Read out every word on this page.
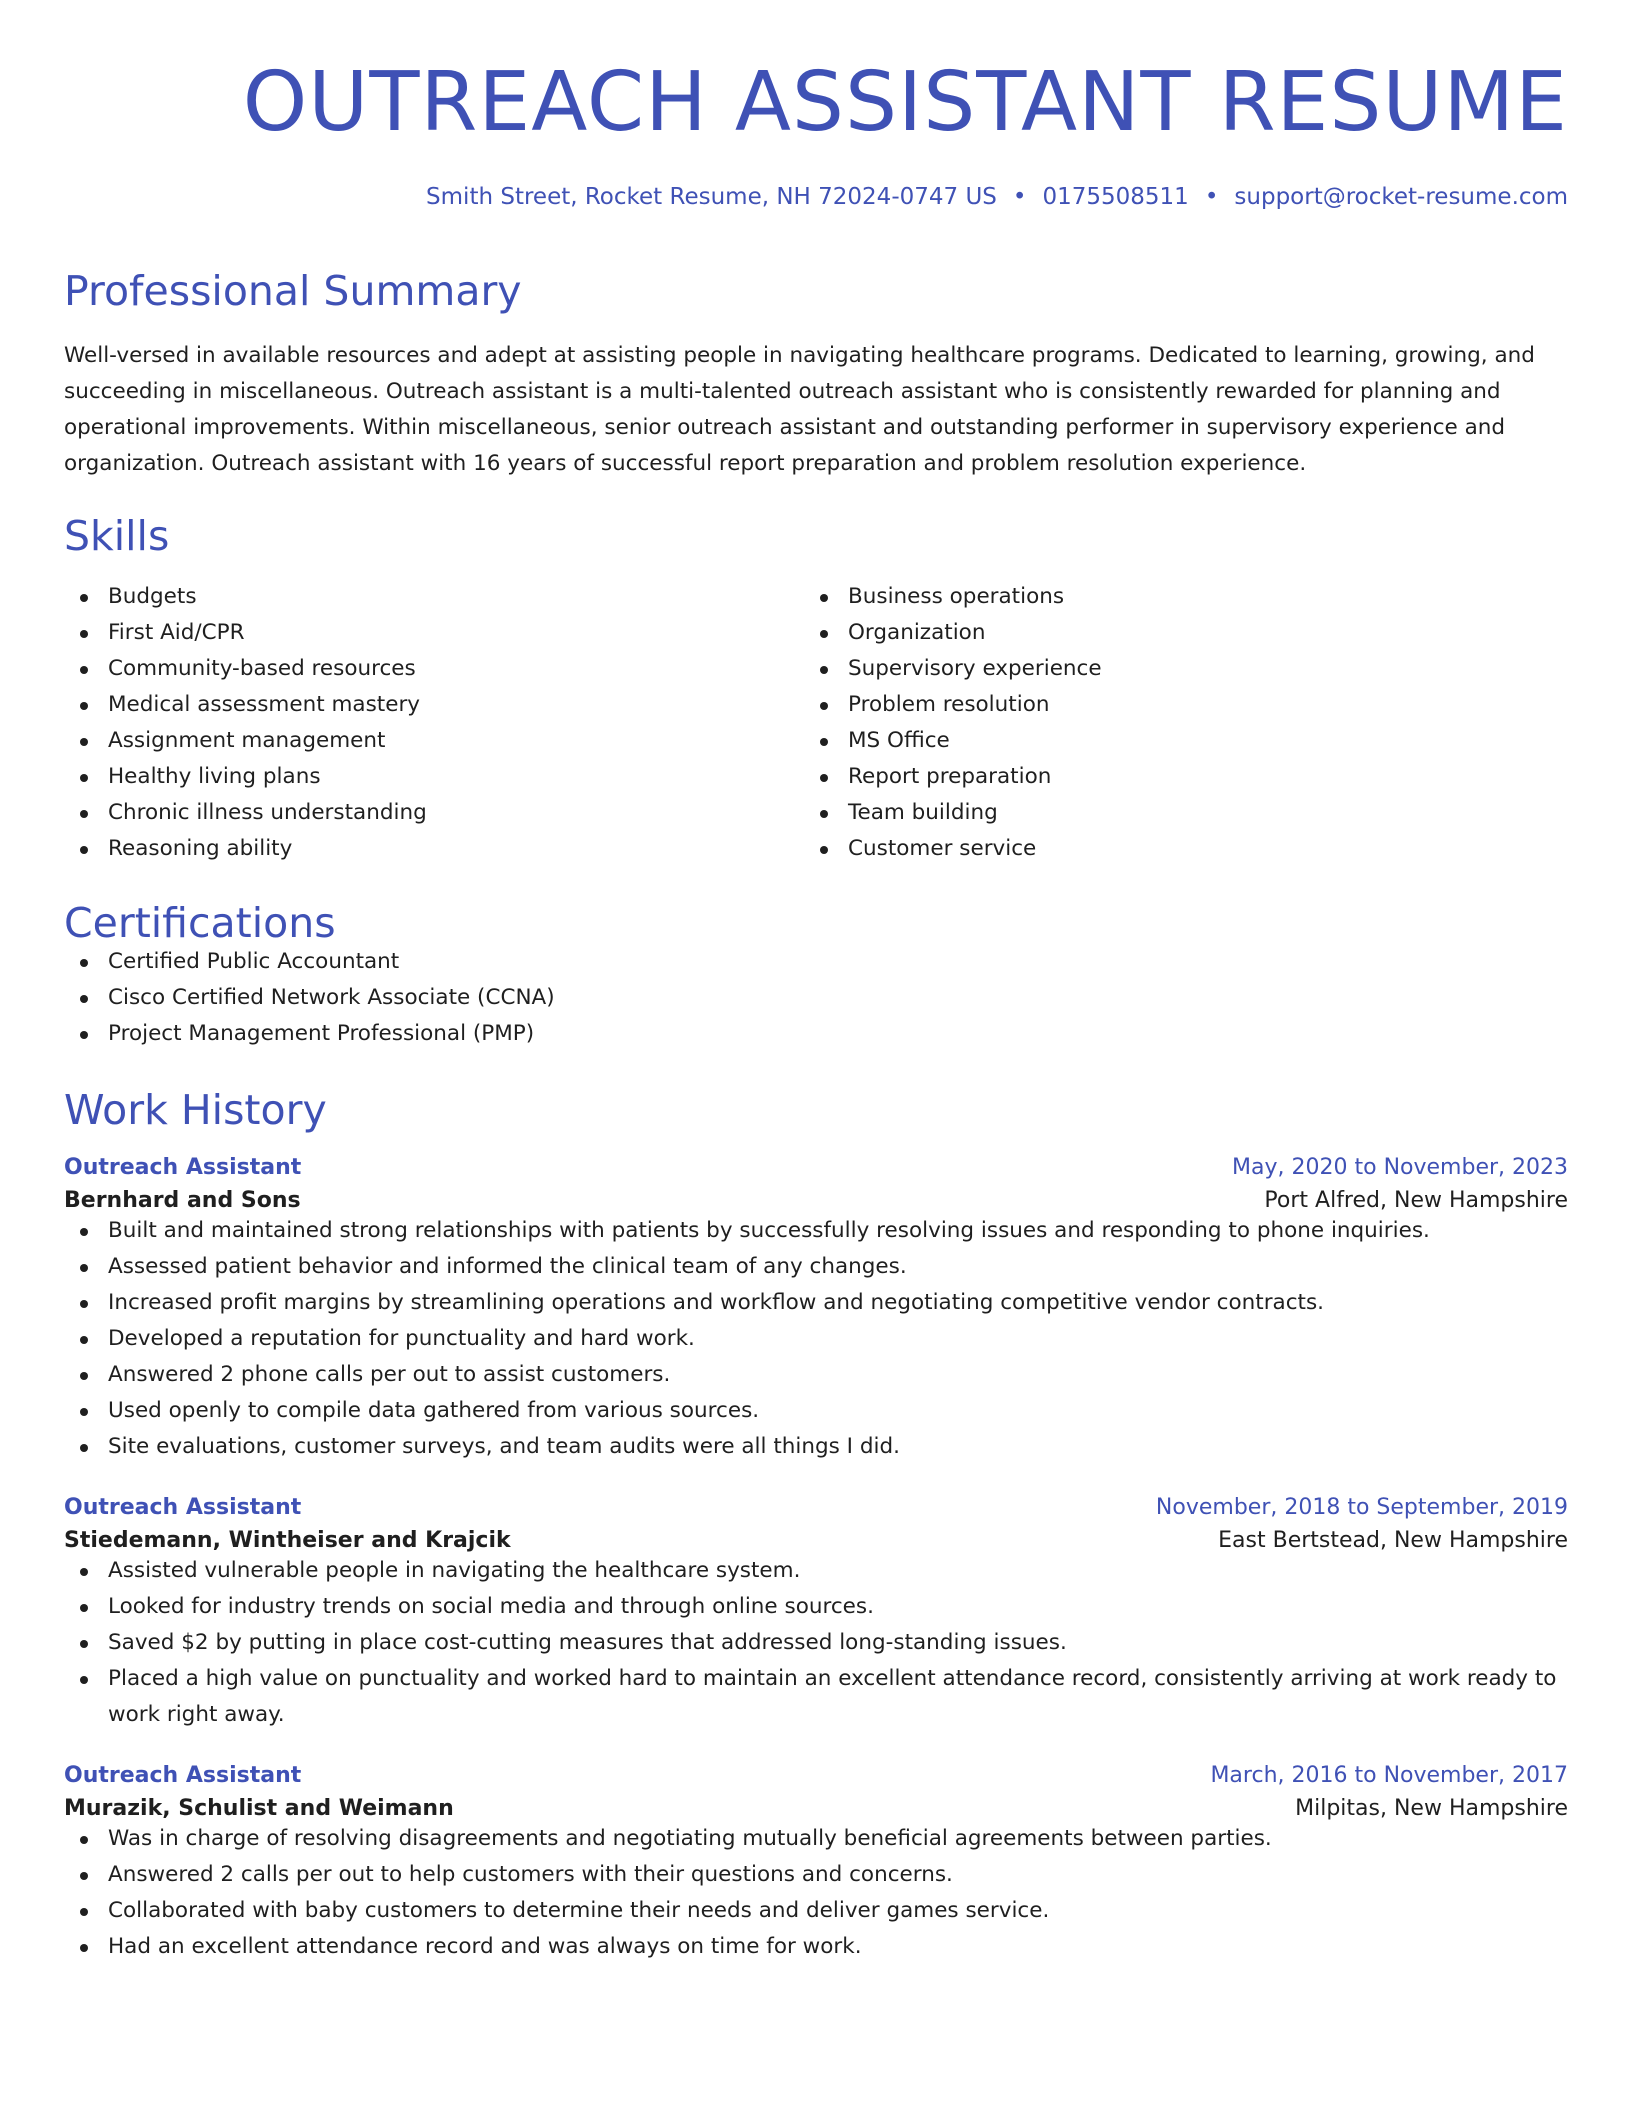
OUTREACH ASSISTANT RESUME
Smith Street, Rocket Resume, NH 72024-0747 US • 0175508511 • support@rocket-resume.com
Professional Summary

Well-versed in available resources and adept at assisting people in navigating healthcare programs. Dedicated to learning, growing, and succeeding in miscellaneous. Outreach assistant is a multi-talented outreach assistant who is consistently rewarded for planning and operational improvements. Within miscellaneous, senior outreach assistant and outstanding performer in supervisory experience and organization. Outreach assistant with 16 years of successful report preparation and problem resolution experience.

Skills
Budgets
First Aid/CPR
Community-based resources
Medical assessment mastery
Assignment management
Healthy living plans
Chronic illness understanding
Reasoning ability
Business operations
Organization
Supervisory experience
Problem resolution
MS Office
Report preparation
Team building
Customer service
Certifications
Certified Public Accountant
Cisco Certified Network Associate (CCNA)
Project Management Professional (PMP)
Work History
Outreach Assistant	May, 2020 to November, 2023
Bernhard and Sons	Port Alfred, New Hampshire
Built and maintained strong relationships with patients by successfully resolving issues and responding to phone inquiries.
Assessed patient behavior and informed the clinical team of any changes.
Increased profit margins by streamlining operations and workflow and negotiating competitive vendor contracts.
Developed a reputation for punctuality and hard work.
Answered 2 phone calls per out to assist customers.
Used openly to compile data gathered from various sources.
Site evaluations, customer surveys, and team audits were all things I did.
Outreach Assistant	November, 2018 to September, 2019
Stiedemann, Wintheiser and Krajcik	East Bertstead, New Hampshire
Assisted vulnerable people in navigating the healthcare system.
Looked for industry trends on social media and through online sources.
Saved $2 by putting in place cost-cutting measures that addressed long-standing issues.
Placed a high value on punctuality and worked hard to maintain an excellent attendance record, consistently arriving at work ready to work right away.
Outreach Assistant	March, 2016 to November, 2017
Murazik, Schulist and Weimann	Milpitas, New Hampshire
Was in charge of resolving disagreements and negotiating mutually beneficial agreements between parties.
Answered 2 calls per out to help customers with their questions and concerns.
Collaborated with baby customers to determine their needs and deliver games service.
Had an excellent attendance record and was always on time for work.
